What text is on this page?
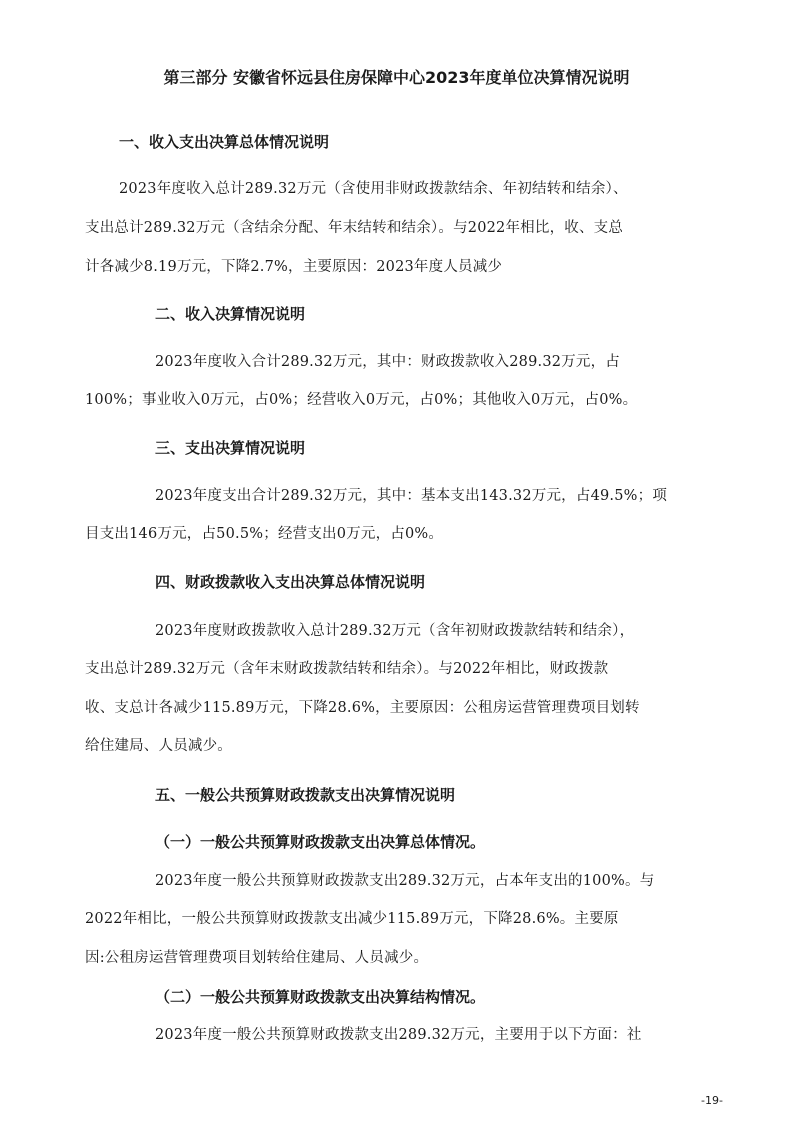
第三部分 安徽省怀远县住房保障中心2023年度单位决算情况说明
一、收入支出决算总体情况说明
2023年度收入总计289.32万元（含使用非财政拨款结余、年初结转和结余）、
支出总计289.32万元（含结余分配、年末结转和结余）。与2022年相比，收、支总
计各减少8.19万元，下降2.7%，主要原因：2023年度人员减少
二、收入决算情况说明
2023年度收入合计289.32万元，其中：财政拨款收入289.32万元，占
100%；事业收入0万元，占0%；经营收入0万元，占0%；其他收入0万元，占0%。
三、支出决算情况说明
2023年度支出合计289.32万元，其中：基本支出143.32万元，占49.5%；项
目支出146万元，占50.5%；经营支出0万元，占0%。
四、财政拨款收入支出决算总体情况说明
2023年度财政拨款收入总计289.32万元（含年初财政拨款结转和结余），
支出总计289.32万元（含年末财政拨款结转和结余）。与2022年相比，财政拨款
收、支总计各减少115.89万元，下降28.6%，主要原因：公租房运营管理费项目划转
给住建局、人员减少。
五、一般公共预算财政拨款支出决算情况说明
（一）一般公共预算财政拨款支出决算总体情况。
2023年度一般公共预算财政拨款支出289.32万元，占本年支出的100%。与
2022年相比，一般公共预算财政拨款支出减少115.89万元，下降28.6%。主要原
因:公租房运营管理费项目划转给住建局、人员减少。
（二）一般公共预算财政拨款支出决算结构情况。
2023年度一般公共预算财政拨款支出289.32万元，主要用于以下方面：社
-19-
